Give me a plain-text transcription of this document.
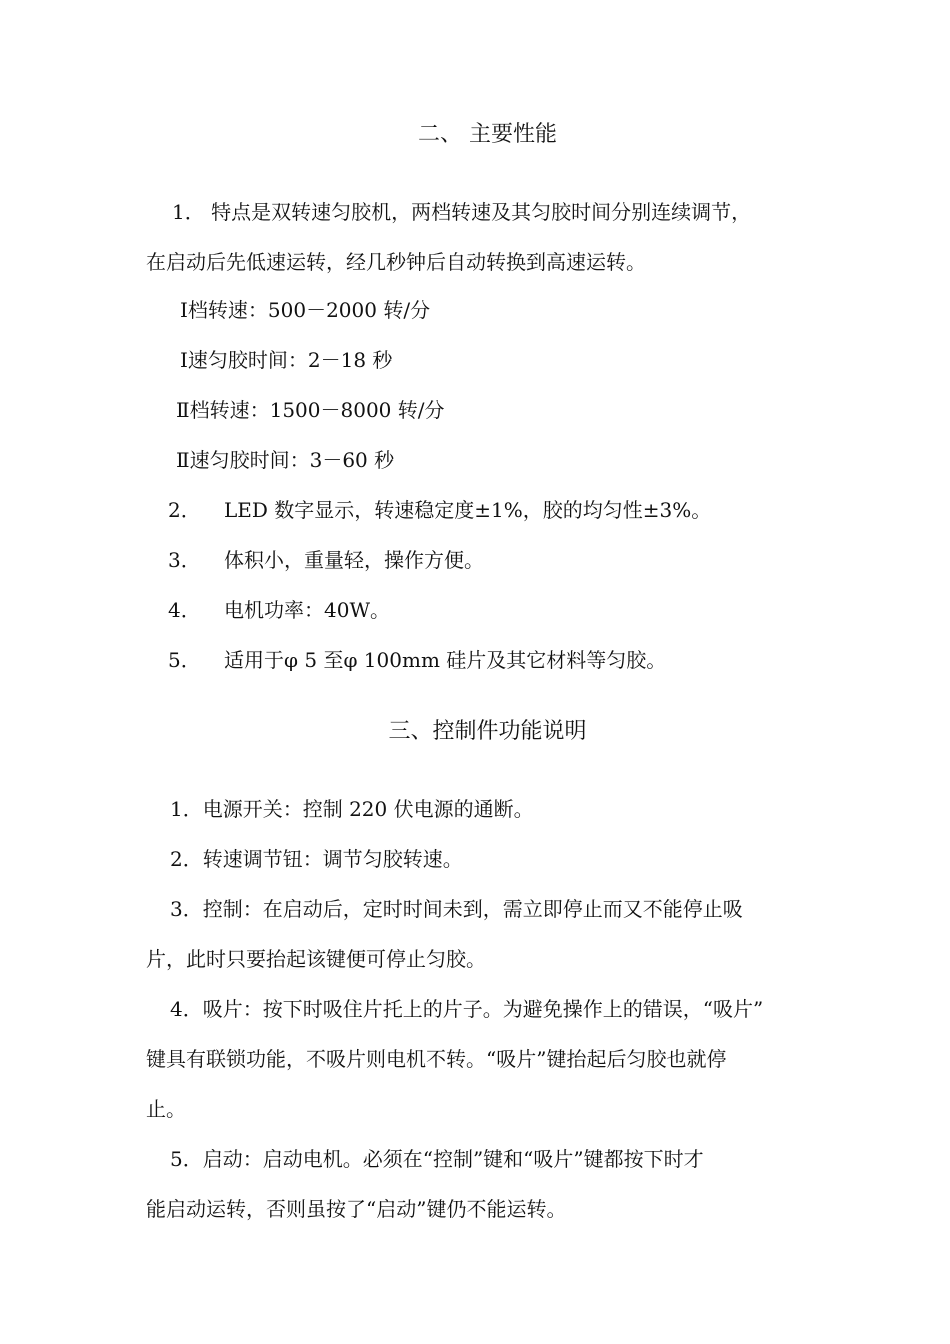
二、 主要性能
1． 特点是双转速匀胶机，两档转速及其匀胶时间分别连续调节，
在启动后先低速运转，经几秒钟后自动转换到高速运转。
Ⅰ档转速：500－2000 转/分
Ⅰ速匀胶时间：2－18 秒
Ⅱ档转速：1500－8000 转/分
Ⅱ速匀胶时间：3－60 秒
2． LED 数字显示，转速稳定度±1%，胶的均匀性±3%。
3． 体积小，重量轻，操作方便。
4． 电机功率：40W。
5． 适用于φ 5 至φ 100mm 硅片及其它材料等匀胶。
三、控制件功能说明
1．电源开关：控制 220 伏电源的通断。
2．转速调节钮：调节匀胶转速。
3．控制：在启动后，定时时间未到，需立即停止而又不能停止吸
片，此时只要抬起该键便可停止匀胶。
4．吸片：按下时吸住片托上的片子。为避免操作上的错误，“吸片”
键具有联锁功能，不吸片则电机不转。“吸片”键抬起后匀胶也就停
止。
5．启动：启动电机。必须在“控制”键和“吸片”键都按下时才
能启动运转，否则虽按了“启动”键仍不能运转。
